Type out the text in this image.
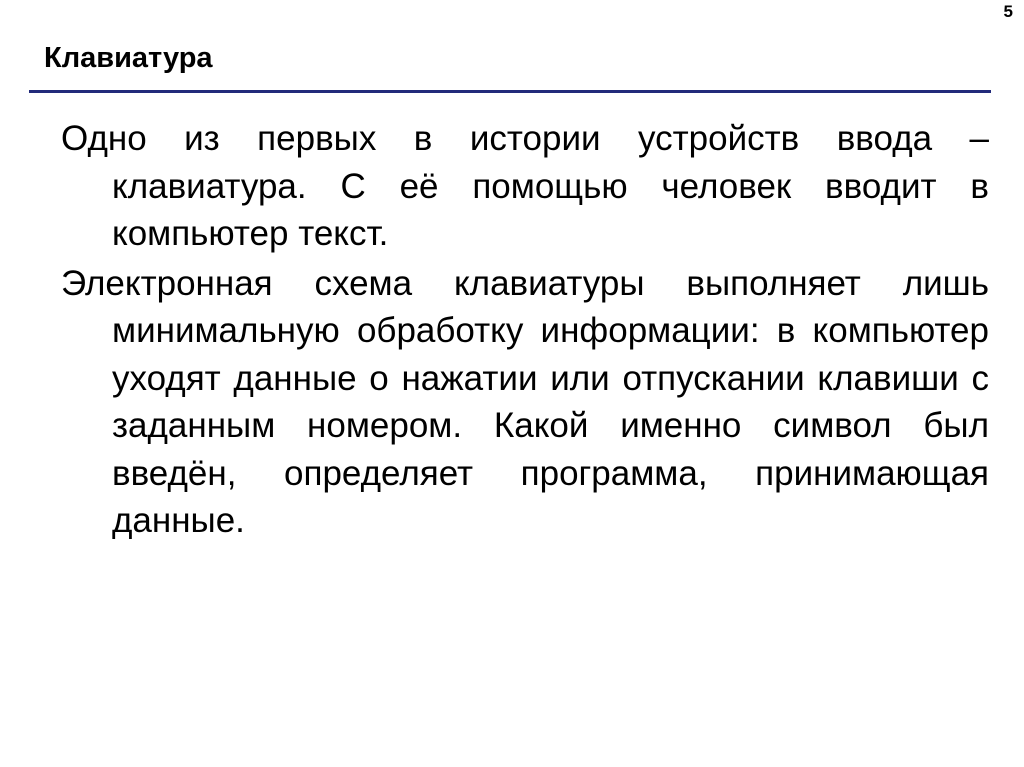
5
Клавиатура

Одно из первых в истории устройств ввода – клавиатура. С её помощью человек вводит в компьютер текст.

Электронная схема клавиатуры выполняет лишь минимальную обработку информации: в компьютер уходят данные о нажатии или отпускании клавиши с заданным номером. Какой именно символ был введён, определяет программа, принимающая данные.
